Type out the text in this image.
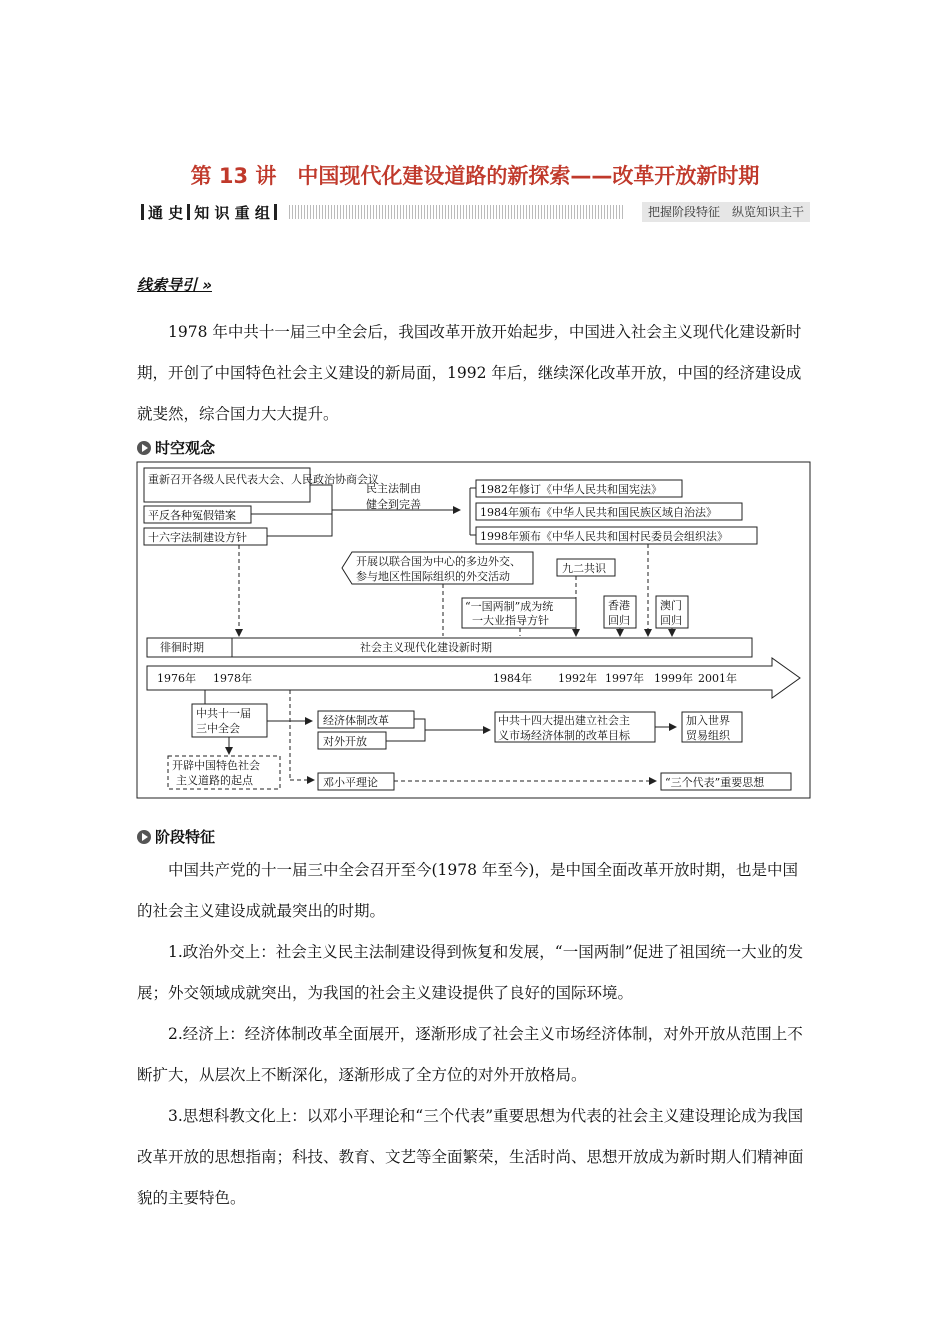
第 13 讲　中国现代化建设道路的新探索——改革开放新时期
通 史 知 识 重 组	把握阶段特征　纵览知识主干
线索导引 »

1978 年中共十一届三中全会后，我国改革开放开始起步，中国进入社会主义现代化建设新时期，开创了中国特色社会主义建设的新局面，1992 年后，继续深化改革开放，中国的经济建设成就斐然，综合国力大大提升。

时空观念
重新召开各级人民代表大会、人民政治协商会议
平反各种冤假错案
十六字法制建设方针
民主法制由
健全到完善
1982年修订《中华人民共和国宪法》
1984年颁布《中华人民共和国民族区域自治法》
1998年颁布《中华人民共和国村民委员会组织法》
开展以联合国为中心的多边外交、
参与地区性国际组织的外交活动
九二共识
“一国两制”成为统
一大业指导方针
香港
回归
澳门
回归
徘徊时期	社会主义现代化建设新时期
1976年 1978年	1984年 1992年 1997年 1999年 2001年
中共十一届
三中全会
经济体制改革
对外开放
中共十四大提出建立社会主
义市场经济体制的改革目标
加入世界
贸易组织
开辟中国特色社会
主义道路的起点	邓小平理论	“三个代表”重要思想
阶段特征

中国共产党的十一届三中全会召开至今(1978 年至今)，是中国全面改革开放时期，也是中国的社会主义建设成就最突出的时期。

1.政治外交上：社会主义民主法制建设得到恢复和发展，“一国两制”促进了祖国统一大业的发展；外交领域成就突出，为我国的社会主义建设提供了良好的国际环境。

2.经济上：经济体制改革全面展开，逐渐形成了社会主义市场经济体制，对外开放从范围上不断扩大，从层次上不断深化，逐渐形成了全方位的对外开放格局。

3.思想科教文化上：以邓小平理论和“三个代表”重要思想为代表的社会主义建设理论成为我国改革开放的思想指南；科技、教育、文艺等全面繁荣，生活时尚、思想开放成为新时期人们精神面貌的主要特色。
